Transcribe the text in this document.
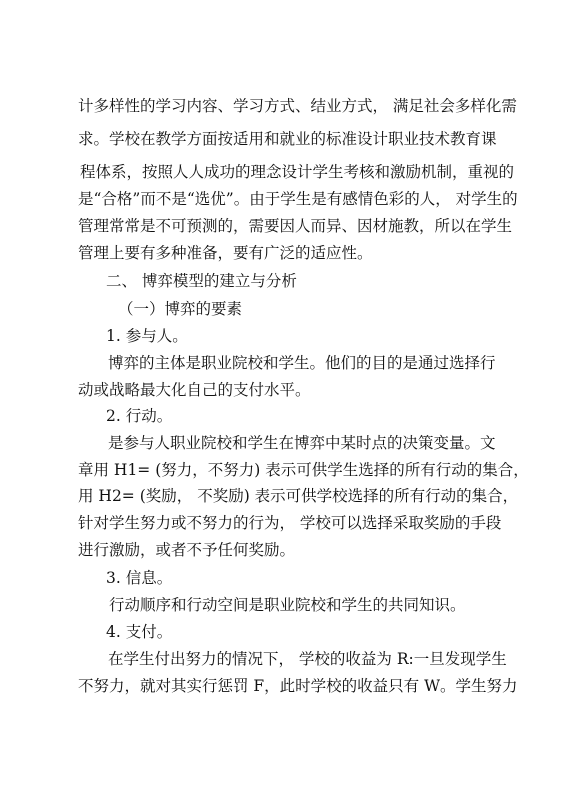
计多样性的学习内容、学习方式、结业方式， 满足社会多样化需
求。学校在教学方面按适用和就业的标准设计职业技术教育课
程体系，按照人人成功的理念设计学生考核和激励机制，重视的
是“合格”而不是“选优”。由于学生是有感情色彩的人， 对学生的
管理常常是不可预测的，需要因人而异、因材施教，所以在学生
管理上要有多种准备，要有广泛的适应性。
二、 博弈模型的建立与分析
（一）博弈的要素
1. 参与人。
博弈的主体是职业院校和学生。他们的目的是通过选择行
动或战略最大化自己的支付水平。
2. 行动。
是参与人职业院校和学生在博弈中某时点的决策变量。文
章用 H1= (努力，不努力) 表示可供学生选择的所有行动的集合，
用 H2= (奖励， 不奖励) 表示可供学校选择的所有行动的集合，
针对学生努力或不努力的行为， 学校可以选择采取奖励的手段
进行激励，或者不予任何奖励。
3. 信息。
行动顺序和行动空间是职业院校和学生的共同知识。
4. 支付。
在学生付出努力的情况下， 学校的收益为 R:一旦发现学生
不努力，就对其实行惩罚 F，此时学校的收益只有 W。学生努力
